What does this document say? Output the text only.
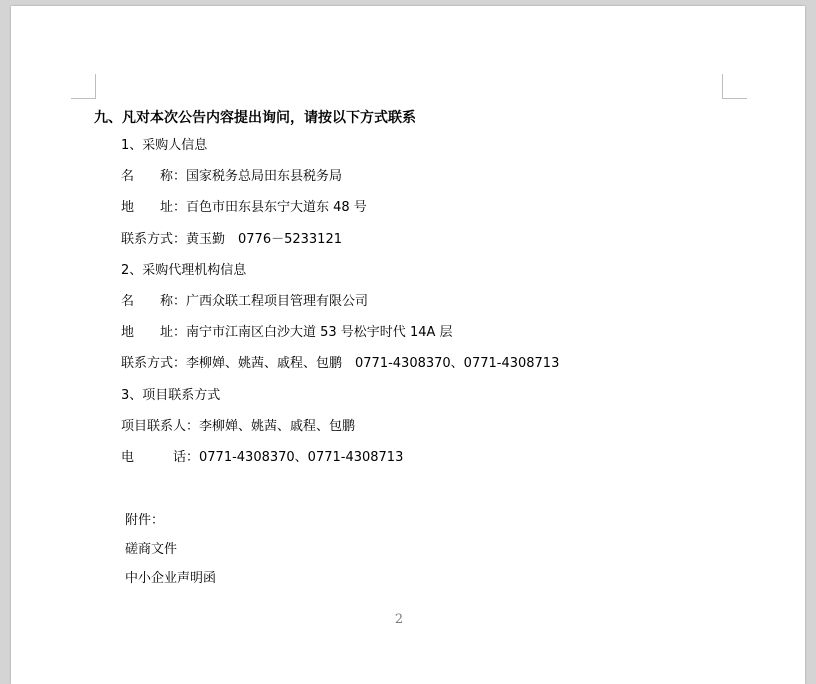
九、凡对本次公告内容提出询问，请按以下方式联系
1、采购人信息
名　　称：国家税务总局田东县税务局
地　　址：百色市田东县东宁大道东 48 号
联系方式：黄玉勤　0776－5233121
2、采购代理机构信息
名　　称：广西众联工程项目管理有限公司
地　　址：南宁市江南区白沙大道 53 号松宇时代 14A 层
联系方式：李柳婵、姚茜、戚程、包鹏　0771-4308370、0771-4308713
3、项目联系方式
项目联系人：李柳婵、姚茜、戚程、包鹏
电　　　话：0771-4308370、0771-4308713
附件：
磋商文件
中小企业声明函
2
